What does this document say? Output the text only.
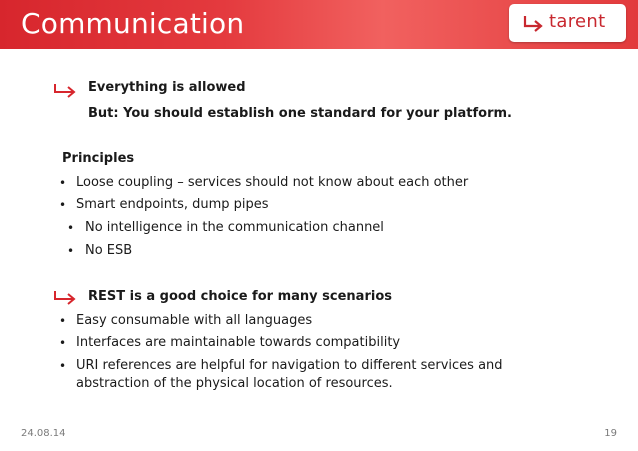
Communication	tarent
Everything is allowed
But: You should establish one standard for your platform.
Principles
• Loose coupling – services should not know about each other
• Smart endpoints, dump pipes
• No intelligence in the communication channel
• No ESB
REST is a good choice for many scenarios
• Easy consumable with all languages
• Interfaces are maintainable towards compatibility
• URI references are helpful for navigation to different services and
abstraction of the physical location of resources.
24.08.14	19
